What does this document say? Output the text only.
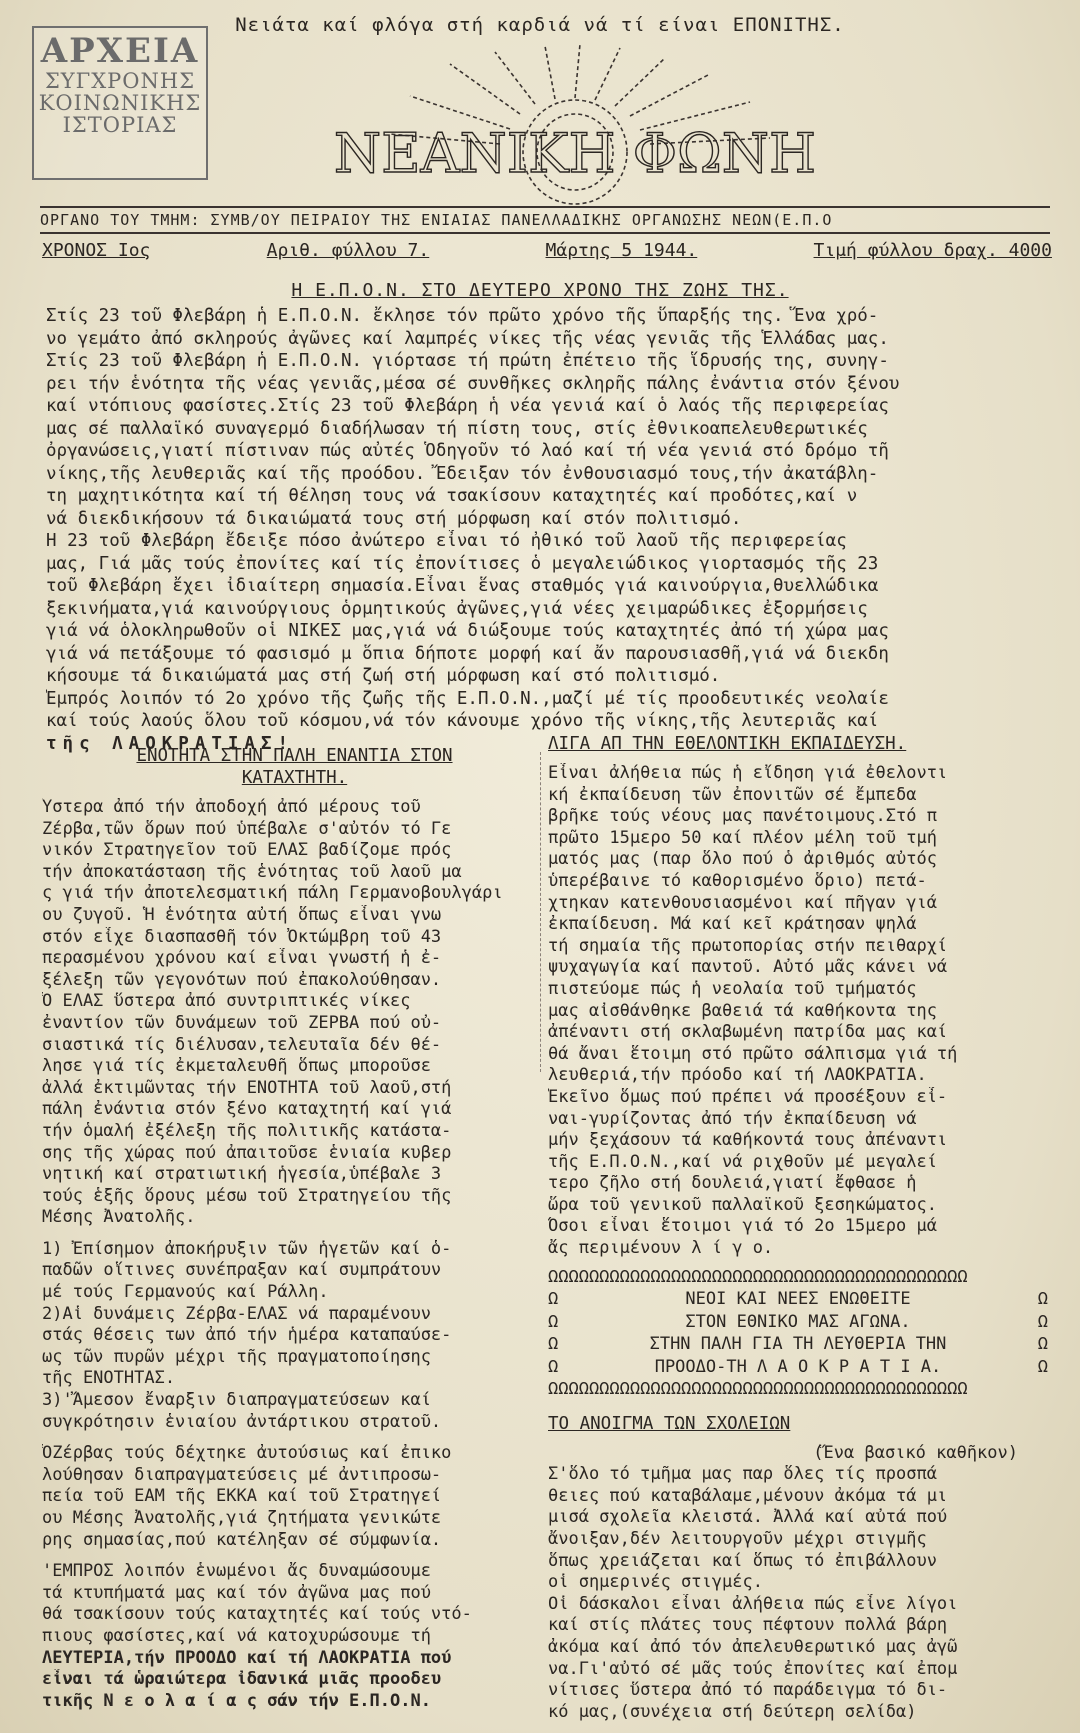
ΑΡΧΕΙΑ
ΣΥΓΧΡΟΝΗΣ
ΚΟΙΝΩΝΙΚΗΣ
ΙΣΤΟΡΙΑΣ
Νειάτα καί φλόγα στή καρδιά νά τί είναι ΕΠΟΝΙΤΗΣ.
ΝΕΑΝΙΚΗ ΦΩΝΗ
ΟΡΓΑΝΟ ΤΟΥ ΤΜΗΜ: ΣΥΜΒ/ΟΥ ΠΕΙΡΑΙΟΥ ΤΗΣ ΕΝΙΑΙΑΣ ΠΑΝΕΛΛΑΔΙΚΗΣ ΟΡΓΑΝΩΣΗΣ ΝΕΩΝ(Ε.Π.Ο
ΧΡΟΝΟΣ Ιος	Αριθ. φύλλου 7.	Μάρτης 5 1944.	Τιμή φύλλου δραχ. 4000
Η Ε.Π.Ο.Ν. ΣΤΟ ΔΕΥΤΕΡΟ ΧΡΟΝΟ ΤΗΣ ΖΩΗΣ ΤΗΣ.

Στίς 23 τοῦ Φλεβάρη ἡ Ε.Π.Ο.Ν. ἔκλησε τόν πρῶτο χρόνο τῆς ὕπαρξής της. Ἕνα χρό-

νο γεμάτο ἀπό σκληρούς ἀγῶνες καί λαμπρές νίκες τῆς νέας γενιᾶς τῆς Ἑλλάδας μας.

Στίς 23 τοῦ Φλεβάρη ἡ Ε.Π.Ο.Ν. γιόρτασε τή πρώτη ἐπέτειο τῆς ἵδρυσής της, συνηγ-

ρει τήν ἑνότητα τῆς νέας γενιᾶς,μέσα σέ συνθῆκες σκληρῆς πάλης ἐνάντια στόν ξένου

καί ντόπιους φασίστες.Στίς 23 τοῦ Φλεβάρη ἡ νέα γενιά καί ὁ λαός τῆς περιφερείας

μας σέ παλλαϊκό συναγερμό διαδήλωσαν τή πίστη τους, στίς ἐθνικοαπελευθερωτικές

ὀργανώσεις,γιατί πίστιναν πώς αὐτές Ὁδηγοῦν τό λαό καί τή νέα γενιά στό δρόμο τῆ

νίκης,τῆς λευθεριᾶς καί τῆς προόδου. Ἔδειξαν τόν ἐνθουσιασμό τους,τήν ἀκατάβλη-

τη μαχητικότητα καί τή θέληση τους νά τσακίσουν καταχτητές καί προδότες,καί ν

νά διεκδικήσουν τά δικαιώματά τους στή μόρφωση καί στόν πολιτισμό.

Η 23 τοῦ Φλεβάρη ἔδειξε πόσο ἀνώτερο εἶναι τό ἠθικό τοῦ λαοῦ τῆς περιφερείας

μας, Γιά μᾶς τούς ἐπονίτες καί τίς ἐπονίτισες ὁ μεγαλειώδικος γιορτασμός τῆς 23

τοῦ Φλεβάρη ἔχει ἰδιαίτερη σημασία.Εἶναι ἕνας σταθμός γιά καινούργια,θυελλώδικα

ξεκινήματα,γιά καινούργιους ὁρμητικούς ἀγῶνες,γιά νέες χειμαρώδικες ἐξορμήσεις

γιά νά ὁλοκληρωθοῦν οἱ ΝΙΚΕΣ μας,γιά νά διώξουμε τούς καταχτητές ἀπό τή χώρα μας

γιά νά πετάξουμε τό φασισμό μ ὅπια δήποτε μορφή καί ἄν παρουσιασθῆ,γιά νά διεκδη

κήσουμε τά δικαιώματά μας στή ζωή στή μόρφωση καί στό πολιτισμό.

Ἐμπρός λοιπόν τό 2ο χρόνο τῆς ζωῆς τῆς Ε.Π.Ο.Ν.,μαζί μέ τίς προοδευτικές νεολαίε

καί τούς λαούς ὅλου τοῦ κόσμου,νά τόν κάνουμε χρόνο τῆς νίκης,τῆς λευτεριᾶς καί

τῆς ΛΑΟΚΡΑΤΙΑΣ!

ΕΝΟΤΗΤΑ ΣΤΗΝ ΠΑΛΗ ΕΝΑΝΤΙΑ ΣΤΟΝ
ΚΑΤΑΧΤΗΤΗ.

Ὕστερα ἀπό τήν ἀποδοχή ἀπό μέρους τοῦ

Ζέρβα,τῶν ὅρων πού ὑπέβαλε σ'αὐτόν τό Γε

νικόν Στρατηγεῖον τοῦ ΕΛΑΣ βαδίζομε πρός

τήν ἀποκατάσταση τῆς ἑνότητας τοῦ λαοῦ μα

ς γιά τήν ἀποτελεσματική πάλη Γερμανοβουλγάρι

ου ζυγοῦ. Ἡ ἑνότητα αὐτή ὅπως εἶναι γνω

στόν εἶχε διασπασθῆ τόν Ὀκτώμβρη τοῦ 43

περασμένου χρόνου καί εἶναι γνωστή ἡ ἐ-

ξέλεξη τῶν γεγονότων πού ἐπακολούθησαν.

Ὁ ΕΛΑΣ ὕστερα ἀπό συντριπτικές νίκες

ἐναντίον τῶν δυνάμεων τοῦ ΖΕΡΒΑ πού οὐ-

σιαστικά τίς διέλυσαν,τελευταῖα δέν θέ-

λησε γιά τίς ἐκμεταλευθῆ ὅπως μποροῦσε

ἀλλά ἐκτιμῶντας τήν ΕΝΟΤΗΤΑ τοῦ λαοῦ,στή

πάλη ἐνάντια στόν ξένο καταχτητή καί γιά

τήν ὁμαλή ἐξέλεξη τῆς πολιτικῆς κατάστα-

σης τῆς χώρας πού ἀπαιτοῦσε ἑνιαία κυβερ

νητική καί στρατιωτική ἡγεσία,ὑπέβαλε 3

τούς ἑξῆς ὅρους μέσω τοῦ Στρατηγείου τῆς

Μέσης Ἀνατολῆς.

1) Ἐπίσημον ἀποκήρυξιν τῶν ἡγετῶν καί ὁ-

παδῶν οἵτινες συνέπραξαν καί συμπράτουν

μέ τούς Γερμανούς καί Ράλλη.

2)Αἱ δυνάμεις Ζέρβα-ΕΛΑΣ νά παραμένουν

στάς θέσεις των ἀπό τήν ἡμέρα καταπαύσε-

ως τῶν πυρῶν μέχρι τῆς πραγματοποίησης

τῆς ΕΝΟΤΗΤΑΣ.

3)'Ἄμεσον ἔναρξιν διαπραγματεύσεων καί

συγκρότησιν ἑνιαίου ἀντάρτικου στρατοῦ.

ὉΖέρβας τούς δέχτηκε ἀυτούσιως καί ἐπικο

λούθησαν διαπραγματεύσεις μέ ἀντιπροσω-

πεία τοῦ ΕΑΜ τῆς ΕΚΚΑ καί τοῦ Στρατηγεί

ου Μέσης Ἀνατολῆς,γιά ζητήματα γενικώτε

ρης σημασίας,πού κατέληξαν σέ σύμφωνία.

'ΕΜΠΡΟΣ λοιπόν ἑνωμένοι ἄς δυναμώσουμε

τά κτυπήματά μας καί τόν ἀγῶνα μας πού

θά τσακίσουν τούς καταχτητές καί τούς ντό-

πιους φασίστες,καί νά κατοχυρώσουμε τή

ΛΕΥΤΕΡΙΑ,τήν ΠΡΟΟΔΟ καί τή ΛΑΟΚΡΑΤΙΑ πού

εἶναι τά ὡραιώτερα ἰδανικά μιᾶς προοδευ

τικῆς Ν ε ο λ α ί α ς σάν τήν Ε.Π.Ο.Ν.

ΛΙΓΑ ΑΠ ΤΗΝ ΕΘΕΛΟΝΤΙΚΗ ΕΚΠΑΙΔΕΥΣΗ.

Εἶναι ἀλήθεια πώς ἡ εἴδηση γιά ἐθελοντι

κή ἐκπαίδευση τῶν ἐπονιτῶν σέ ἔμπεδα

βρῆκε τούς νέους μας πανέτοιμους.Στό π

πρῶτο 15μερο 50 καί πλέον μέλη τοῦ τμή

ματός μας (παρ ὅλο πού ὁ ἀριθμός αὐτός

ὑπερέβαινε τό καθορισμένο ὅριο) πετά-

χτηκαν κατενθουσιασμένοι καί πῆγαν γιά

ἐκπαίδευση. Μά καί κεῖ κράτησαν ψηλά

τή σημαία τῆς πρωτοπορίας στήν πειθαρχί

ψυχαγωγία καί παντοῦ. Αὐτό μᾶς κάνει νά

πιστεύομε πώς ἡ νεολαία τοῦ τμήματός

μας αἰσθάνθηκε βαθειά τά καθήκοντα της

ἀπέναντι στή σκλαβωμένη πατρίδα μας καί

θά ἄναι ἕτοιμη στό πρῶτο σάλπισμα γιά τή

λευθεριά,τήν πρόοδο καί τή ΛΑΟΚΡΑΤΙΑ.

Ἐκεῖνο ὅμως πού πρέπει νά προσέξουν εἶ-

ναι-γυρίζοντας ἀπό τήν ἐκπαίδευση νά

μήν ξεχάσουν τά καθήκοντά τους ἀπέναντι

τῆς Ε.Π.Ο.Ν.,καί νά ριχθοῦν μέ μεγαλεί

τερο ζῆλο στή δουλειά,γιατί ἔφθασε ἡ

ὥρα τοῦ γενικοῦ παλλαϊκοῦ ξεσηκώματος.

Ὅσοι εἶναι ἕτοιμοι γιά τό 2ο 15μερο μά

ἄς περιμένουν λ ί γ ο.

ΩΩΩΩΩΩΩΩΩΩΩΩΩΩΩΩΩΩΩΩΩΩΩΩΩΩΩΩΩΩΩΩΩΩΩΩΩΩΩΩΩ
Ω	ΝΕΟΙ ΚΑΙ ΝΕΕΣ ΕΝΩΘΕΙΤΕ	Ω
Ω	ΣΤΟΝ ΕΘΝΙΚΟ ΜΑΣ ΑΓΩΝΑ.	Ω
Ω	ΣΤΗΝ ΠΑΛΗ ΓΙΑ ΤΗ ΛΕΥΘΕΡΙΑ ΤΗΝ	Ω
Ω	ΠΡΟΟΔΟ-ΤΗ Λ Α Ο Κ Ρ Α Τ Ι Α.	Ω
ΩΩΩΩΩΩΩΩΩΩΩΩΩΩΩΩΩΩΩΩΩΩΩΩΩΩΩΩΩΩΩΩΩΩΩΩΩΩΩΩΩ
ΤΟ ΑΝΟΙΓΜΑ ΤΩΝ ΣΧΟΛΕΙΩΝ

(Ἕνα βασικό καθῆκον)

Σ'ὅλο τό τμῆμα μας παρ ὅλες τίς προσπά

θειες πού καταβάλαμε,μένουν ἀκόμα τά μι

μισά σχολεῖα κλειστά. Ἀλλά καί αὐτά πού

ἄνοιξαν,δέν λειτουργοῦν μέχρι στιγμῆς

ὅπως χρειάζεται καί ὅπως τό ἐπιβάλλουν

οἱ σημερινές στιγμές.

Οἱ δάσκαλοι εἶναι ἀλήθεια πώς εἶνε λίγοι

καί στίς πλάτες τους πέφτουν πολλά βάρη

ἀκόμα καί ἀπό τόν ἀπελευθερωτικό μας ἀγῶ

να.Γι'αὐτό σέ μᾶς τούς ἐπονίτες καί ἐπομ

νίτισες ὕστερα ἀπό τό παράδειγμα τό δι-

κό μας,(συνέχεια στή δεύτερη σελίδα)
